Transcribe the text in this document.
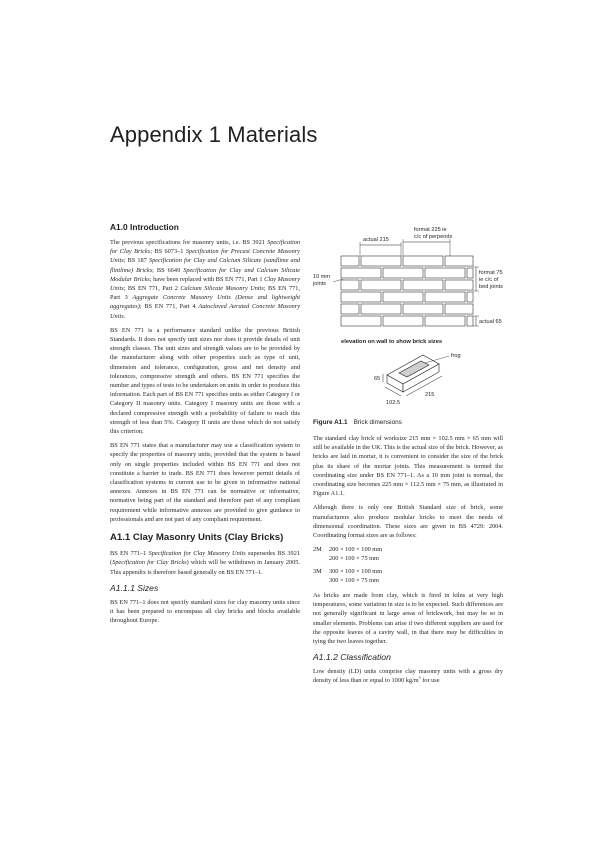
Appendix 1 Materials
A1.0 Introduction

The previous specifications for masonry units, i.e. BS 3921 Specification for Clay Bricks; BS 6073–1 Specification for Precast Concrete Masonry Units; BS 187 Specification for Clay and Calcium Silicate (sandlime and flintlime) Bricks; BS 6649 Specification for Clay and Calcium Silicate Modular Bricks; have been replaced with BS EN 771, Part 1 Clay Masonry Units; BS EN 771, Part 2 Calcium Silicate Masonry Units; BS EN 771, Part 3 Aggregate Concrete Masonry Units (Dense and lightweight aggregates); BS EN 771, Part 4 Autoclaved Aerated Concrete Masonry Units.

BS EN 771 is a performance standard unlike the previous British Standards. It does not specify unit sizes nor does it provide details of unit strength classes. The unit sizes and strength values are to be provided by the manufacturer along with other properties such as type of unit, dimension and tolerance, configuration, gross and net density and tolerances, compressive strength and others. BS EN 771 specifies the number and types of tests to be undertaken on units in order to produce this information. Each part of BS EN 771 specifies units as either Category I or Category II masonry units. Category I masonry units are those with a declared compressive strength with a probability of failure to reach this strength of less than 5%. Category II units are those which do not satisfy this criterion.

BS EN 771 states that a manufacturer may use a classification system to specify the properties of masonry units, provided that the system is based only on single properties included within BS EN 771 and does not constitute a barrier to trade. BS EN 771 does however permit details of classification systems in current use to be given in informative national annexes. Annexes in BS EN 771 can be normative or informative, normative being part of the standard and therefore part of any compliant requirement while informative annexes are provided to give guidance to professionals and are not part of any compliant requirement.

A1.1 Clay Masonry Units (Clay Bricks)

BS EN 771–1 Specification for Clay Masonry Units supersedes BS 3921 (Specification for Clay Bricks) which will be withdrawn in January 2005. This appendix is therefore based generally on BS EN 771–1.

A1.1.1 Sizes

BS EN 771–1 does not specify standard sizes for clay masonry units since it has been prepared to encompass all clay bricks and blocks available throughout Europe.

format 225 ie
c/c of perpends
actual 215
10 mm
joints
format 75
ie c/c of
bed joints
actual 65
elevation on wall to show brick sizes
frog
65
215
102.5
Figure A1.1 Brick dimensions

The standard clay brick of worksize 215 mm × 102.5 mm × 65 mm will still be available in the UK. This is the actual size of the brick. However, as bricks are laid in mortar, it is convenient to consider the size of the brick plus its share of the mortar joints. This measurement is termed the coordinating size under BS EN 771–1. As a 10 mm joint is normal, the coordinating size becomes 225 mm × 112.5 mm × 75 mm, as illustrated in Figure A1.1.

Although there is only one British Standard size of brick, some manufacturers also produce modular bricks to meet the needs of dimensional coordination. These sizes are given in BS 4729: 2004. Coordinating format sizes are as follows:

2M	200 × 100 × 100 mm
200 × 100 × 75 mm
3M	300 × 100 × 100 mm
300 × 100 × 75 mm

As bricks are made from clay, which is fired in kilns at very high temperatures, some variation in size is to be expected. Such differences are not generally significant in large areas of brickwork, but may be so in smaller elements. Problems can arise if two different suppliers are used for the opposite leaves of a cavity wall, in that there may be difficulties in tying the two leaves together.

A1.1.2 Classification

Low density (LD) units comprise clay masonry units with a gross dry density of less than or equal to 1000 $kg/m^3$ for use
